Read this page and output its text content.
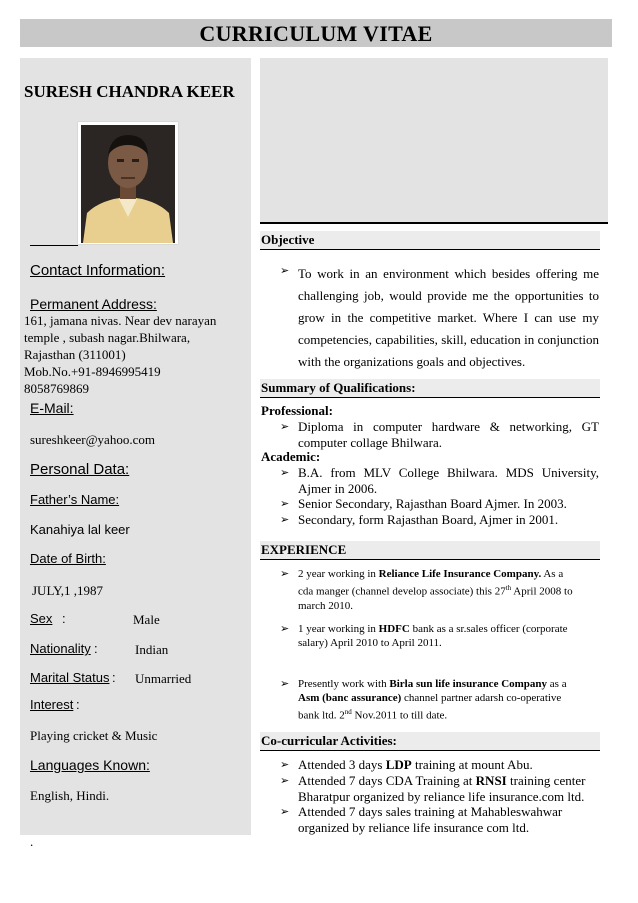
CURRICULUM VITAE
SURESH CHANDRA KEER
Contact Information:
Permanent Address:
161, jamana nivas. Near dev narayan
temple , subash nagar.Bhilwara,
Rajasthan (311001)
Mob.No.+91-8946995419
8058769869
E-Mail:
sureshkeer@yahoo.com
Personal Data:
Father’s Name:
Kanahiya lal keer
Date of Birth:
JULY,1 ,1987
Sex :	Male
Nationality :	Indian
Marital Status : Unmarried
Interest :
Playing cricket & Music
Languages Known:
English, Hindi.
.
Objective
➢ To work in an environment which besides offering me
challenging job, would provide me the opportunities to
grow in the competitive market. Where I can use my
competencies, capabilities, skill, education in conjunction
with the organizations goals and objectives.
Summary of Qualifications:
Professional:
➢ Diploma in computer hardware & networking, GT
computer collage Bhilwara.
Academic:
➢ B.A. from MLV College Bhilwara. MDS University,
Ajmer in 2006.
➢ Senior Secondary, Rajasthan Board Ajmer. In 2003.
➢ Secondary, form Rajasthan Board, Ajmer in 2001.
EXPERIENCE
➢ 2 year working in Reliance Life Insurance Company. As a
cda manger (channel develop associate) this 27th April 2008 to
march 2010.
➢ 1 year working in HDFC bank as a sr.sales officer (corporate
salary) April 2010 to April 2011.
➢ Presently work with Birla sun life insurance Company as a
Asm (banc assurance) channel partner adarsh co-operative
bank ltd. 2nd Nov.2011 to till date.
Co-curricular Activities:
➢ Attended 3 days LDP training at mount Abu.
➢ Attended 7 days CDA Training at RNSI training center
Bharatpur organized by reliance life insurance.com ltd.
➢ Attended 7 days sales training at Mahableswahwar
organized by reliance life insurance com ltd.
